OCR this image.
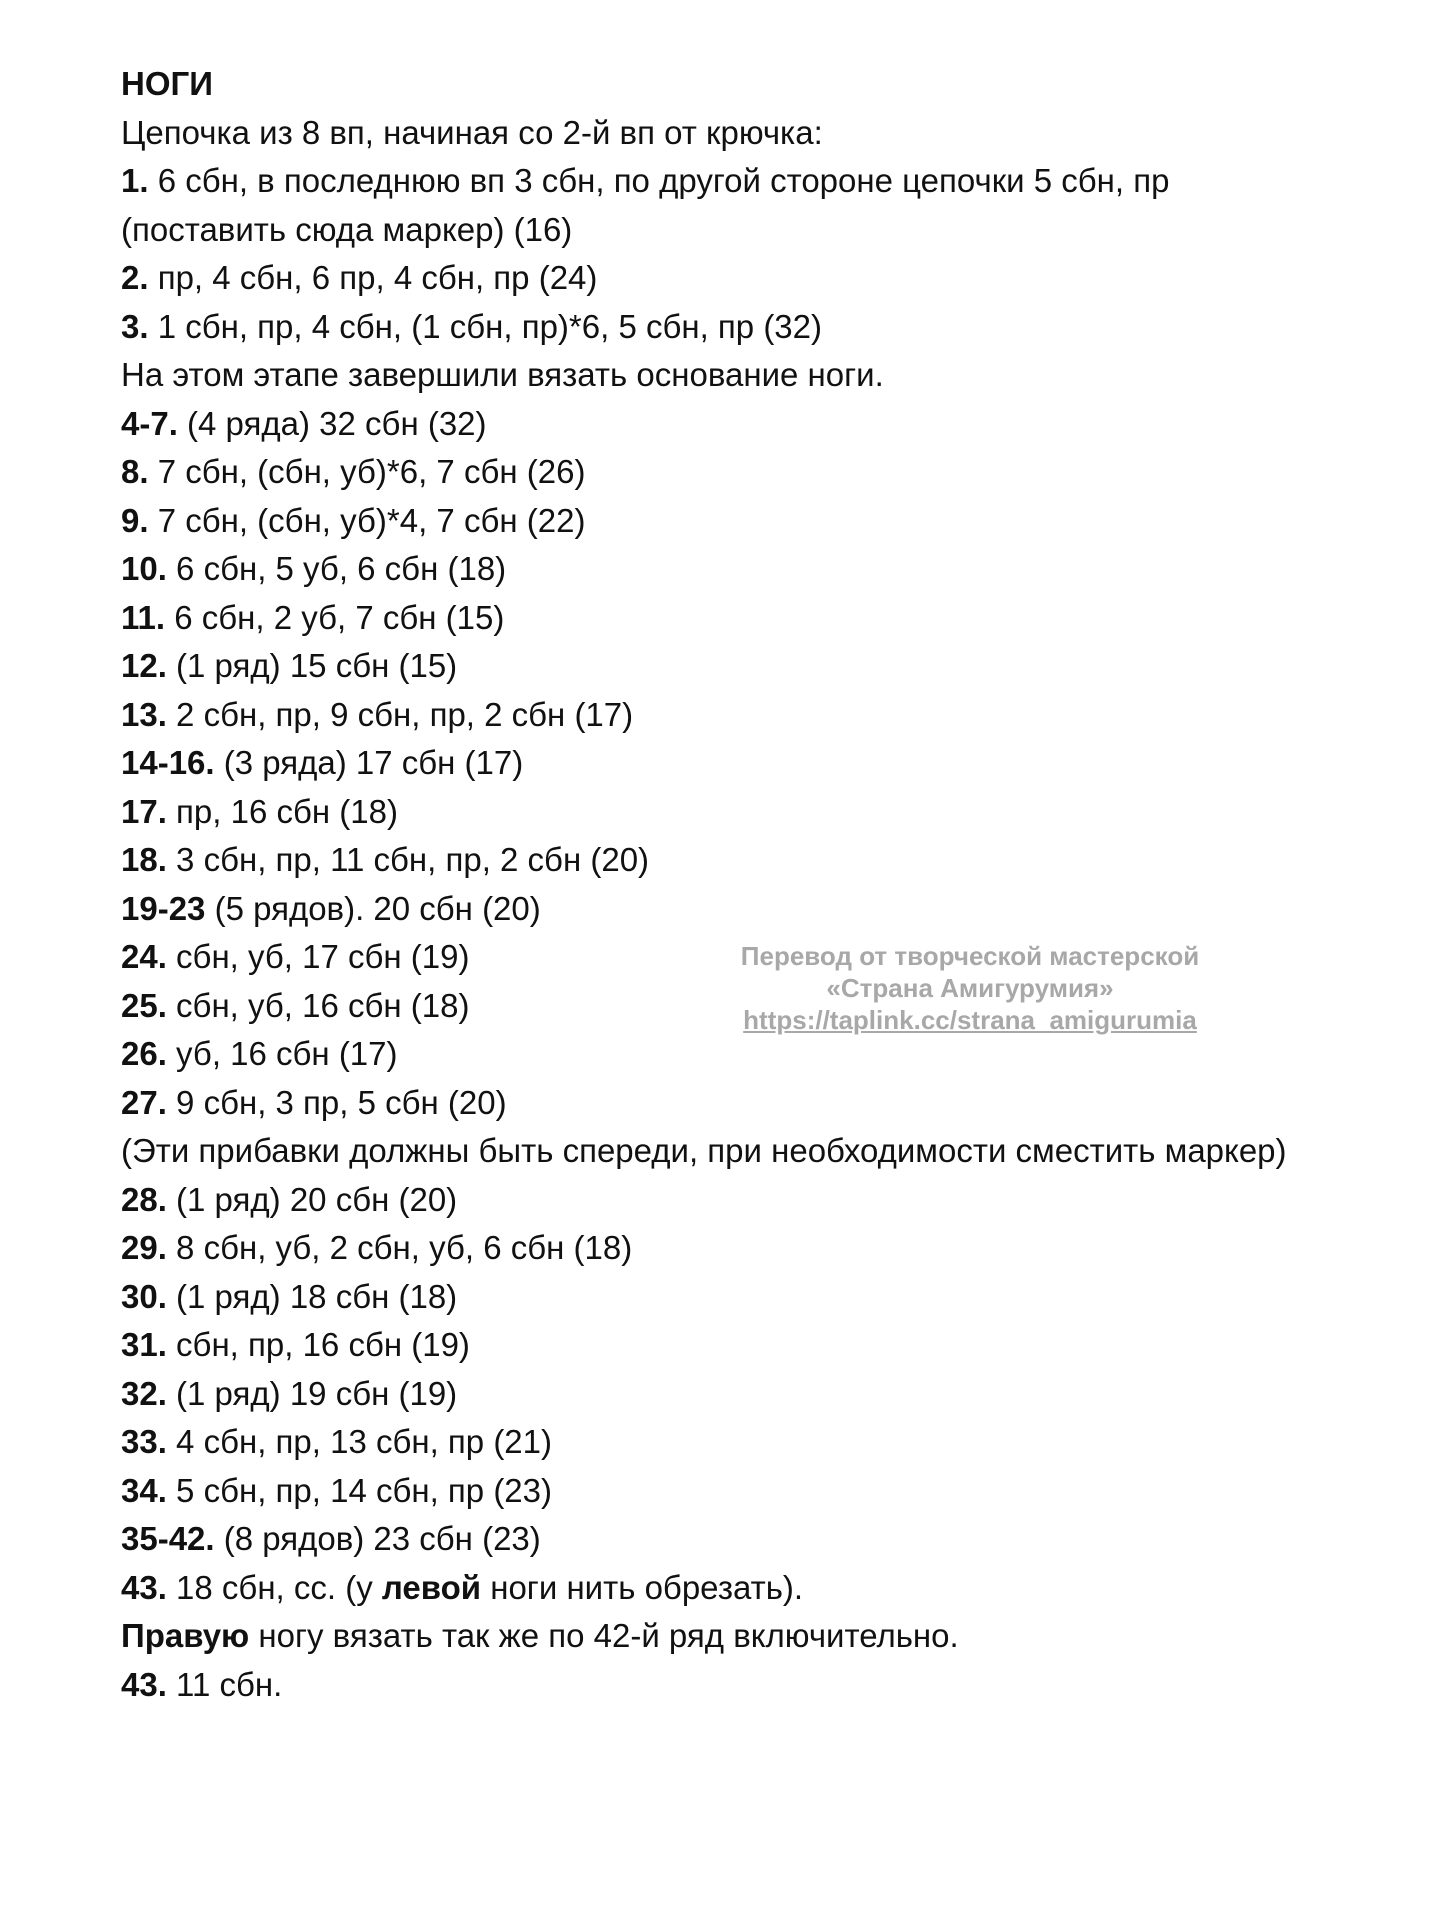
НОГИ

Цепочка из 8 вп, начиная со 2-й вп от крючка:

1. 6 сбн, в последнюю вп 3 сбн, по другой стороне цепочки 5 сбн, пр

(поставить сюда маркер) (16)

2. пр, 4 сбн, 6 пр, 4 сбн, пр (24)

3. 1 сбн, пр, 4 сбн, (1 сбн, пр)*6, 5 сбн, пр (32)

На этом этапе завершили вязать основание ноги.

4-7. (4 ряда) 32 сбн (32)

8. 7 сбн, (сбн, уб)*6, 7 сбн (26)

9. 7 сбн, (сбн, уб)*4, 7 сбн (22)

10. 6 сбн, 5 уб, 6 сбн (18)

11. 6 сбн, 2 уб, 7 сбн (15)

12. (1 ряд) 15 сбн (15)

13. 2 сбн, пр, 9 сбн, пр, 2 сбн (17)

14-16. (3 ряда) 17 сбн (17)

17. пр, 16 сбн (18)

18. 3 сбн, пр, 11 сбн, пр, 2 сбн (20)

19-23 (5 рядов). 20 сбн (20)

24. сбн, уб, 17 сбн (19)

25. сбн, уб, 16 сбн (18)

26. уб, 16 сбн (17)

27. 9 сбн, 3 пр, 5 сбн (20)

(Эти прибавки должны быть спереди, при необходимости сместить маркер)

28. (1 ряд) 20 сбн (20)

29. 8 сбн, уб, 2 сбн, уб, 6 сбн (18)

30. (1 ряд) 18 сбн (18)

31. сбн, пр, 16 сбн (19)

32. (1 ряд) 19 сбн (19)

33. 4 сбн, пр, 13 сбн, пр (21)

34. 5 сбн, пр, 14 сбн, пр (23)

35-42. (8 рядов) 23 сбн (23)

43. 18 сбн, сс. (у левой ноги нить обрезать).

Правую ногу вязать так же по 42-й ряд включительно.

43. 11 сбн.

Перевод от творческой мастерской
«Страна Амигурумия»
https://taplink.cc/strana_amigurumia
